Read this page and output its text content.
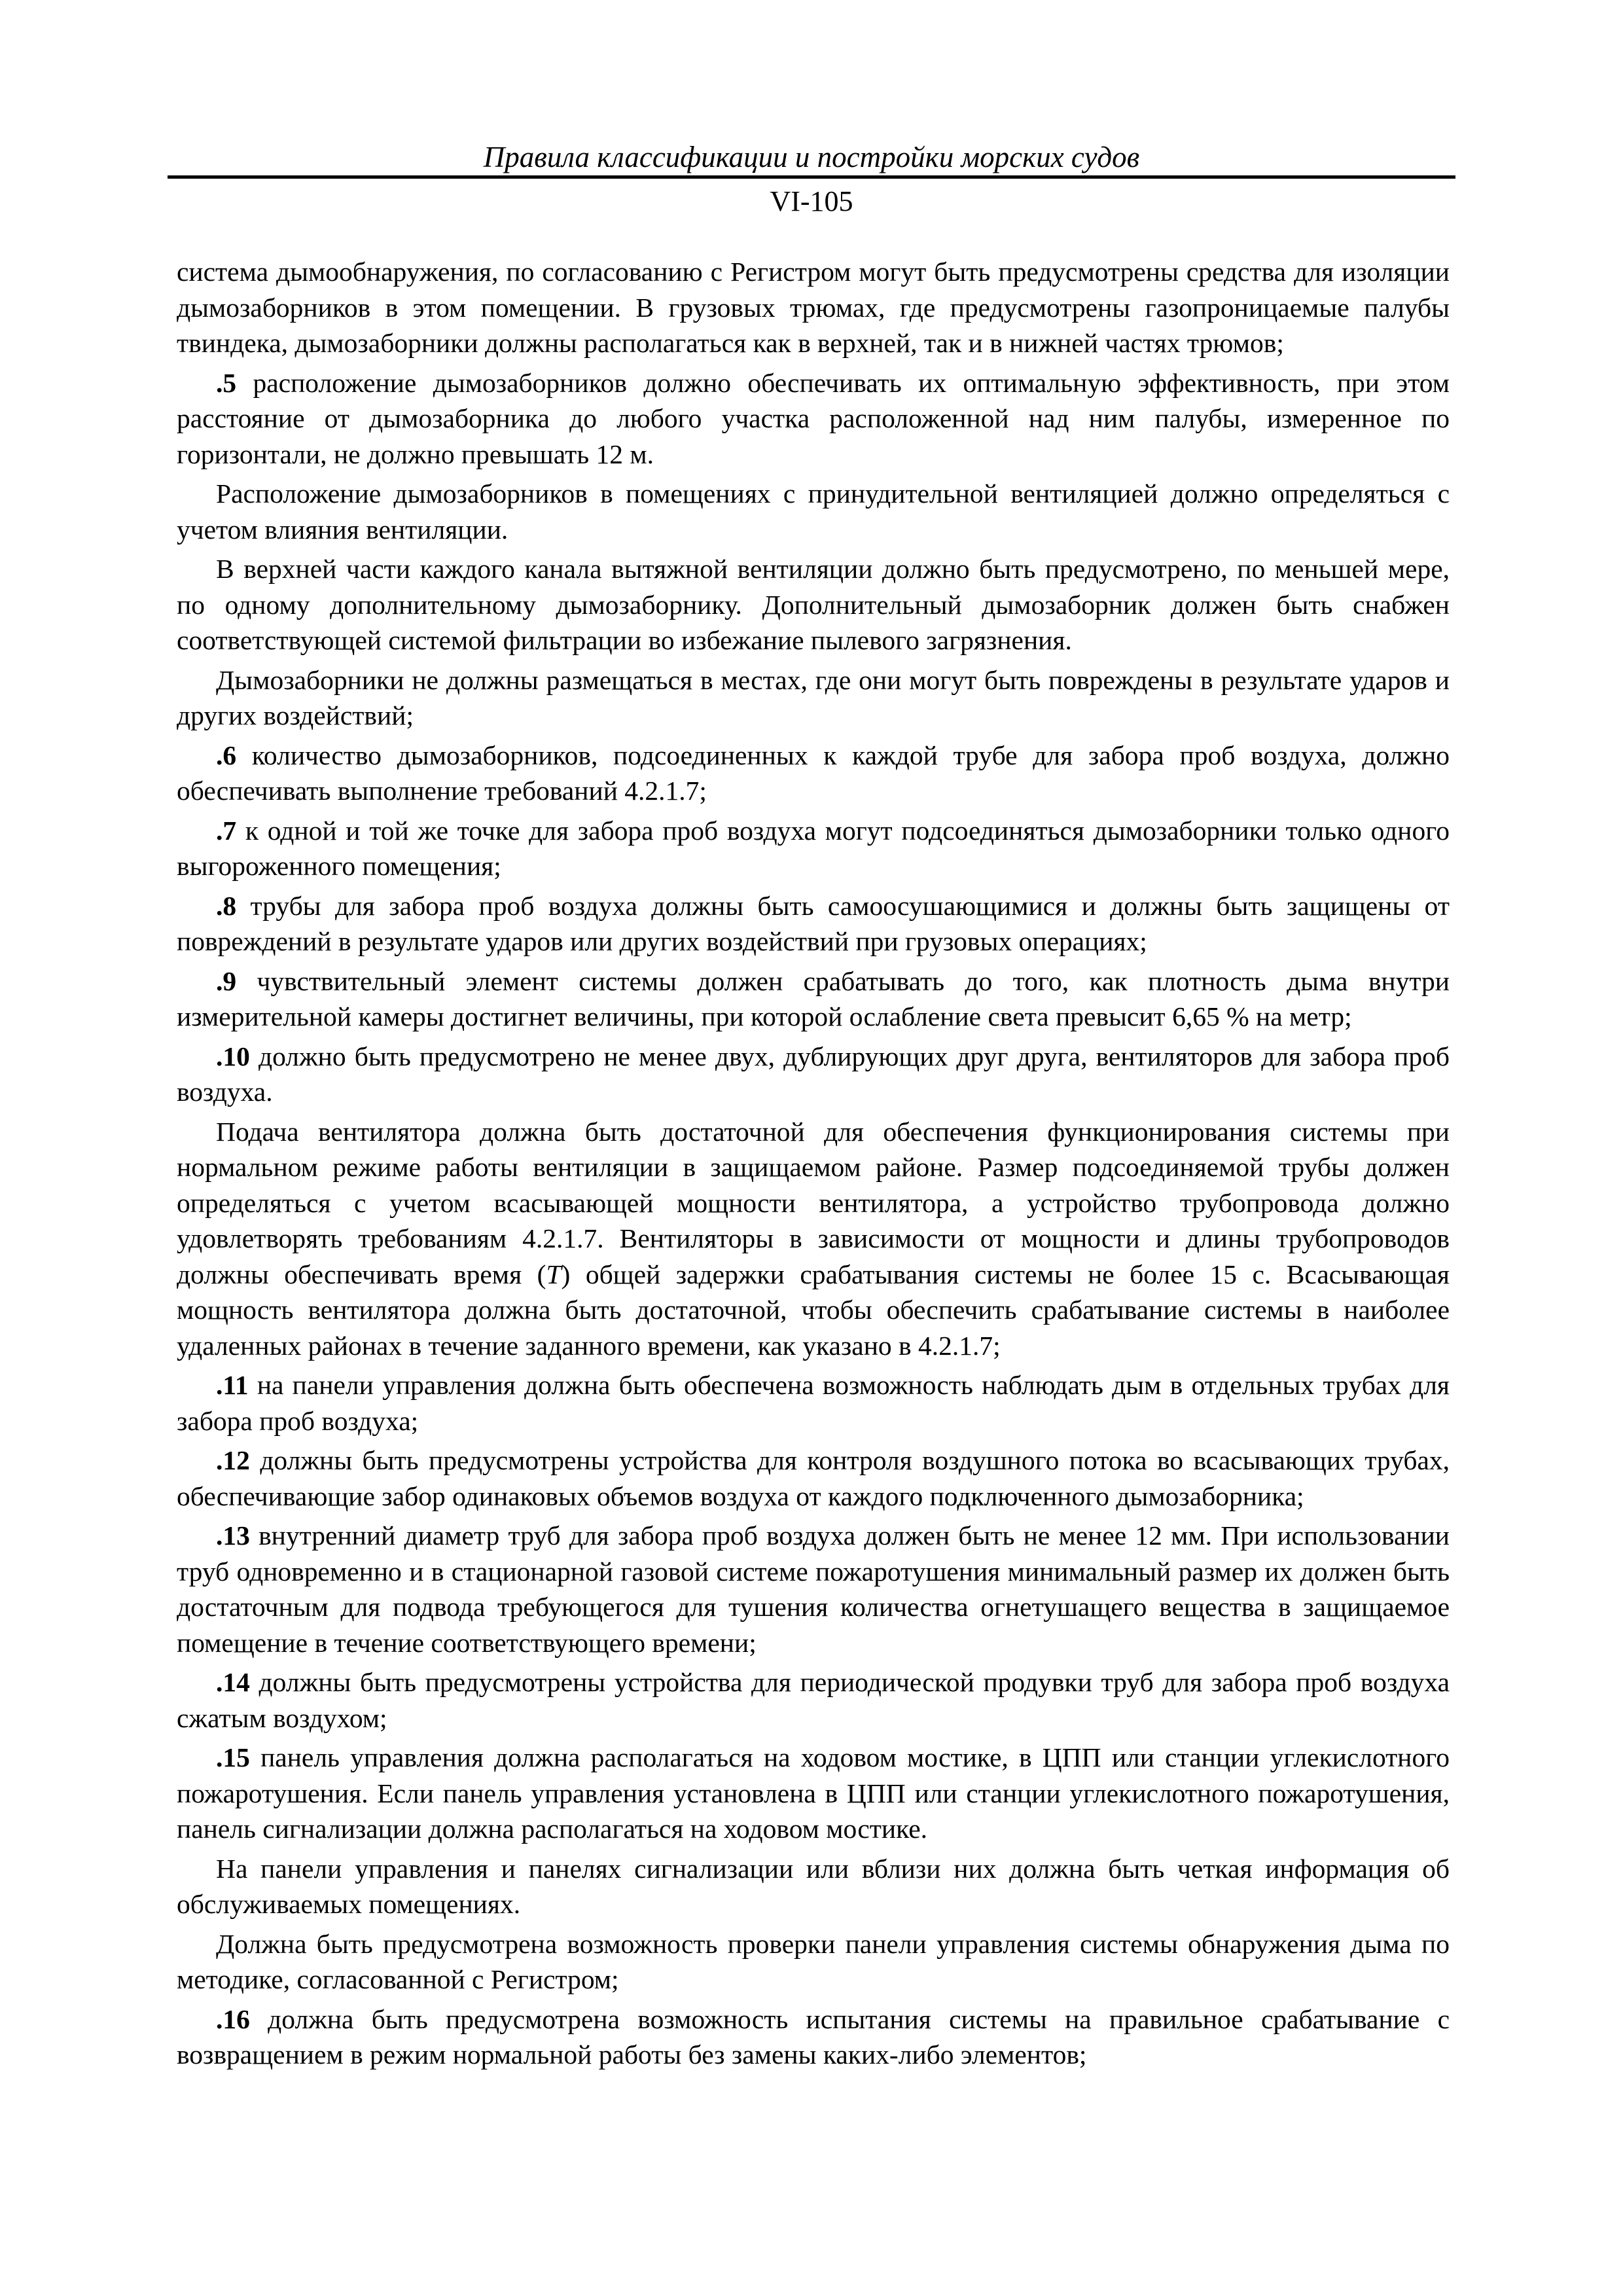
Правила классификации и постройки морских судов
VI-105

система дымообнаружения, по согласованию с Регистром могут быть предусмотрены средства для изоляции дымозаборников в этом помещении. В грузовых трюмах, где предусмотрены газопроницаемые палубы твиндека, дымозаборники должны располагаться как в верхней, так и в нижней частях трюмов;

.5 расположение дымозаборников должно обеспечивать их оптимальную эффективность, при этом расстояние от дымозаборника до любого участка расположенной над ним палубы, измеренное по горизонтали, не должно превышать 12 м.

Расположение дымозаборников в помещениях с принудительной вентиляцией должно определяться с учетом влияния вентиляции.

В верхней части каждого канала вытяжной вентиляции должно быть предусмотрено, по меньшей мере, по одному дополнительному дымозаборнику. Дополнительный дымозаборник должен быть снабжен соответствующей системой фильтрации во избежание пылевого загрязнения.

Дымозаборники не должны размещаться в местах, где они могут быть повреждены в результате ударов и других воздействий;

.6 количество дымозаборников, подсоединенных к каждой трубе для забора проб воздуха, должно обеспечивать выполнение требований 4.2.1.7;

.7 к одной и той же точке для забора проб воздуха могут подсоединяться дымозаборники только одного выгороженного помещения;

.8 трубы для забора проб воздуха должны быть самоосушающимися и должны быть защищены от повреждений в результате ударов или других воздействий при грузовых операциях;

.9 чувствительный элемент системы должен срабатывать до того, как плотность дыма внутри измерительной камеры достигнет величины, при которой ослабление света превысит 6,65 % на метр;

.10 должно быть предусмотрено не менее двух, дублирующих друг друга, вентиляторов для забора проб воздуха.

Подача вентилятора должна быть достаточной для обеспечения функционирования системы при нормальном режиме работы вентиляции в защищаемом районе. Размер подсоединяемой трубы должен определяться с учетом всасывающей мощности вентилятора, а устройство трубопровода должно удовлетворять требованиям 4.2.1.7. Вентиляторы в зависимости от мощности и длины трубопроводов должны обеспечивать время (T) общей задержки срабатывания системы не более 15 с. Всасывающая мощность вентилятора должна быть достаточной, чтобы обеспечить срабатывание системы в наиболее удаленных районах в течение заданного времени, как указано в 4.2.1.7;

.11 на панели управления должна быть обеспечена возможность наблюдать дым в отдельных трубах для забора проб воздуха;

.12 должны быть предусмотрены устройства для контроля воздушного потока во всасывающих трубах, обеспечивающие забор одинаковых объемов воздуха от каждого подключенного дымозаборника;

.13 внутренний диаметр труб для забора проб воздуха должен быть не менее 12 мм. При использовании труб одновременно и в стационарной газовой системе пожаротушения минимальный размер их должен быть достаточным для подвода требующегося для тушения количества огнетушащего вещества в защищаемое помещение в течение соответствующего времени;

.14 должны быть предусмотрены устройства для периодической продувки труб для забора проб воздуха сжатым воздухом;

.15 панель управления должна располагаться на ходовом мостике, в ЦПП или станции углекислотного пожаротушения. Если панель управления установлена в ЦПП или станции углекислотного пожаротушения, панель сигнализации должна располагаться на ходовом мостике.

На панели управления и панелях сигнализации или вблизи них должна быть четкая информация об обслуживаемых помещениях.

Должна быть предусмотрена возможность проверки панели управления системы обнаружения дыма по методике, согласованной с Регистром;

.16 должна быть предусмотрена возможность испытания системы на правильное срабатывание с возвращением в режим нормальной работы без замены каких-либо элементов;
